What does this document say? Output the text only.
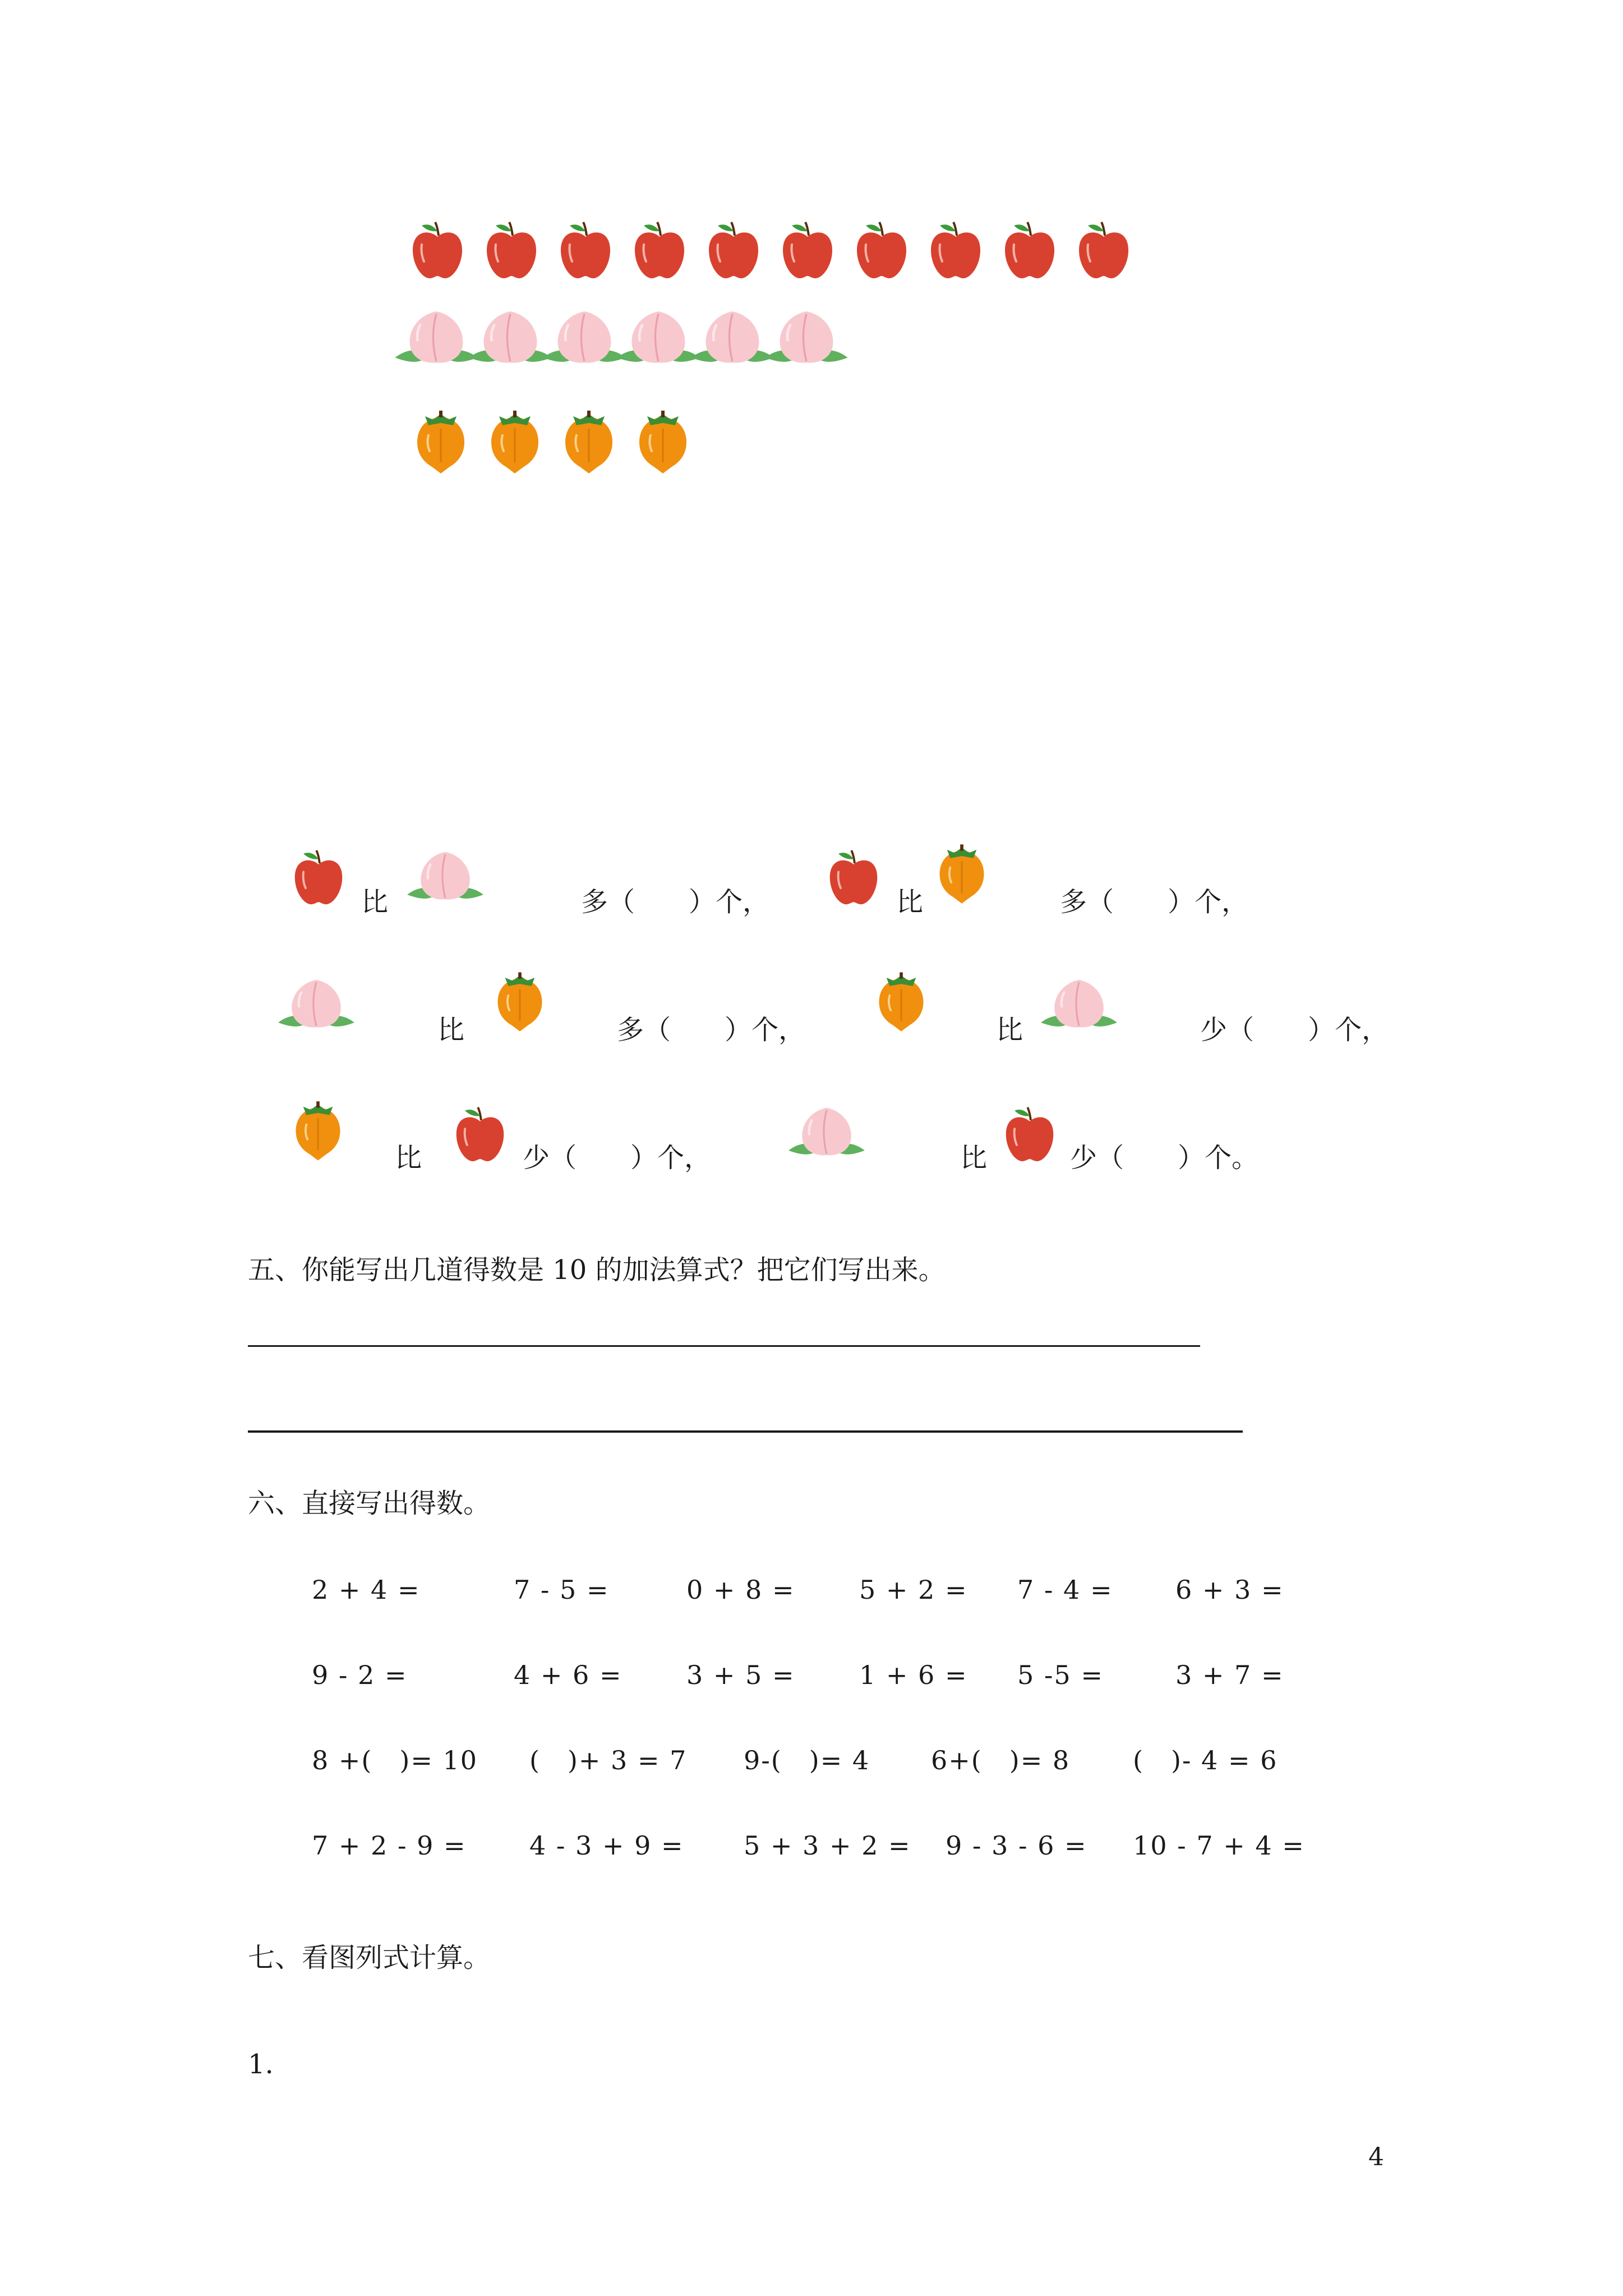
比	多（　　）个，	比	多（　　）个，
比	多（　　）个，	比	少（　　）个，
比	少（　　）个，	比	少（　　）个。
五、你能写出几道得数是 10 的加法算式？把它们写出来。
六、直接写出得数。
2 + 4 =	7 - 5 =	0 + 8 = 5 + 2 = 7 - 4 = 6 + 3 =
9 - 2 =	4 + 6 = 3 + 5 = 1 + 6 = 5 -5 =	3 + 7 =
8 +(　)= 10 (　)+ 3 = 7 9-(　)= 4 6+(　)= 8 (　)- 4 = 6
7 + 2 - 9 = 4 - 3 + 9 = 5 + 3 + 2 = 9 - 3 - 6 = 10 - 7 + 4 =
七、看图列式计算。
1.
4
